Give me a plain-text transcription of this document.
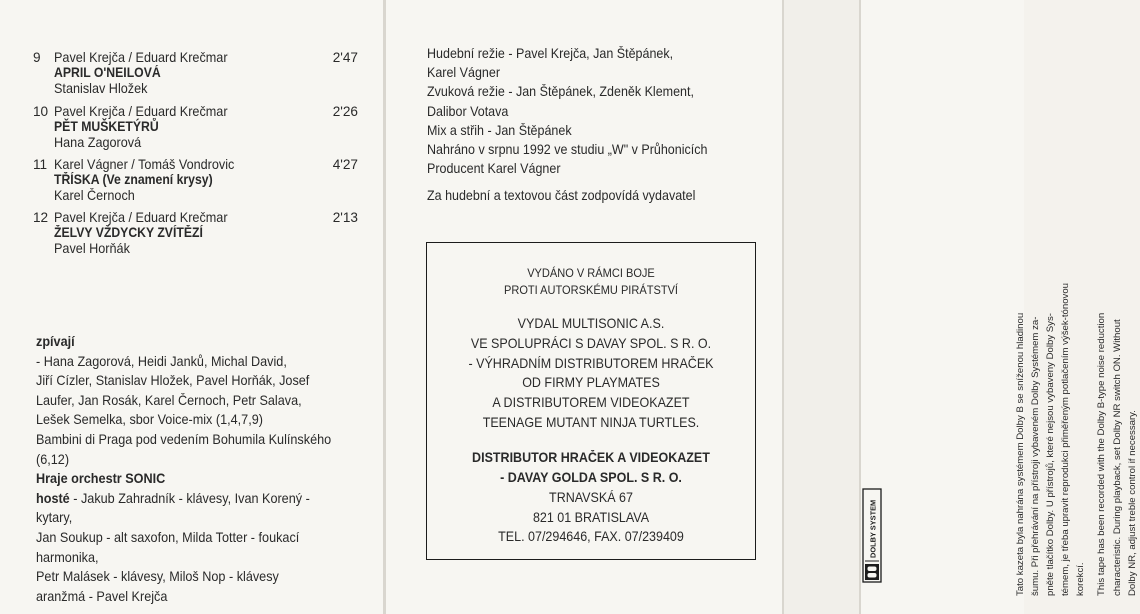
9 Pavel Krejča / Eduard Krečmar	2'47
APRIL O'NEILOVÁ
Stanislav Hložek
10 Pavel Krejča / Eduard Krečmar	2'26
PĚT MUŠKETÝRŮ
Hana Zagorová
11 Karel Vágner / Tomáš Vondrovic	4'27
TŘÍSKA (Ve znamení krysy)
Karel Černoch
12 Pavel Krejča / Eduard Krečmar	2'13
ŽELVY VŽDYCKY ZVÍTĚZÍ
Pavel Horňák
zpívají
- Hana Zagorová, Heidi Janků, Michal David,
Jiří Cízler, Stanislav Hložek, Pavel Horňák, Josef
Laufer, Jan Rosák, Karel Černoch, Petr Salava,
Lešek Semelka, sbor Voice-mix (1,4,7,9)
Bambini di Praga pod vedením Bohumila Kulínského
(6,12)
Hraje orchestr SONIC
hosté - Jakub Zahradník - klávesy, Ivan Korený -
kytary,
Jan Soukup - alt saxofon, Milda Totter - foukací
harmonika,
Petr Malásek - klávesy, Miloš Nop - klávesy
aranžmá - Pavel Krejča
Hudební režie - Pavel Krejča, Jan Štěpánek,
Karel Vágner
Zvuková režie - Jan Štěpánek, Zdeněk Klement,
Dalibor Votava
Mix a střih - Jan Štěpánek
Nahráno v srpnu 1992 ve studiu „W" v Průhonicích
Producent Karel Vágner
Za hudební a textovou část zodpovídá vydavatel
VYDÁNO V RÁMCI BOJE
PROTI AUTORSKÉMU PIRÁTSTVÍ
VYDAL MULTISONIC A.S.
VE SPOLUPRÁCI S DAVAY SPOL. S R. O.
- VÝHRADNÍM DISTRIBUTOREM HRAČEK
OD FIRMY PLAYMATES
A DISTRIBUTOREM VIDEOKAZET
TEENAGE MUTANT NINJA TURTLES.
DISTRIBUTOR HRAČEK A VIDEOKAZET
- DAVAY GOLDA SPOL. S R. O.
TRNAVSKÁ 67
821 01 BRATISLAVA
TEL. 07/294646, FAX. 07/239409	DOLBY SYSTEM	Tato kazeta byla nahrána systémem Dolby B se sníženou hladinou šumu. Při přehrávání na přístroji vybaveném Dolby Systémem za- pněte tlačítko Dolby. U přístrojů, které nejsou vybaveny Dolby Sys- témem, je třeba upravit reprodukci přiměřeným potlačením výšek-tónovou korekcí. This tape has been recorded with the Dolby B-type noise reduction characteristic. During playback, set Dolby NR switch ON. Without Dolby NR, adjust treble control if necessary.
